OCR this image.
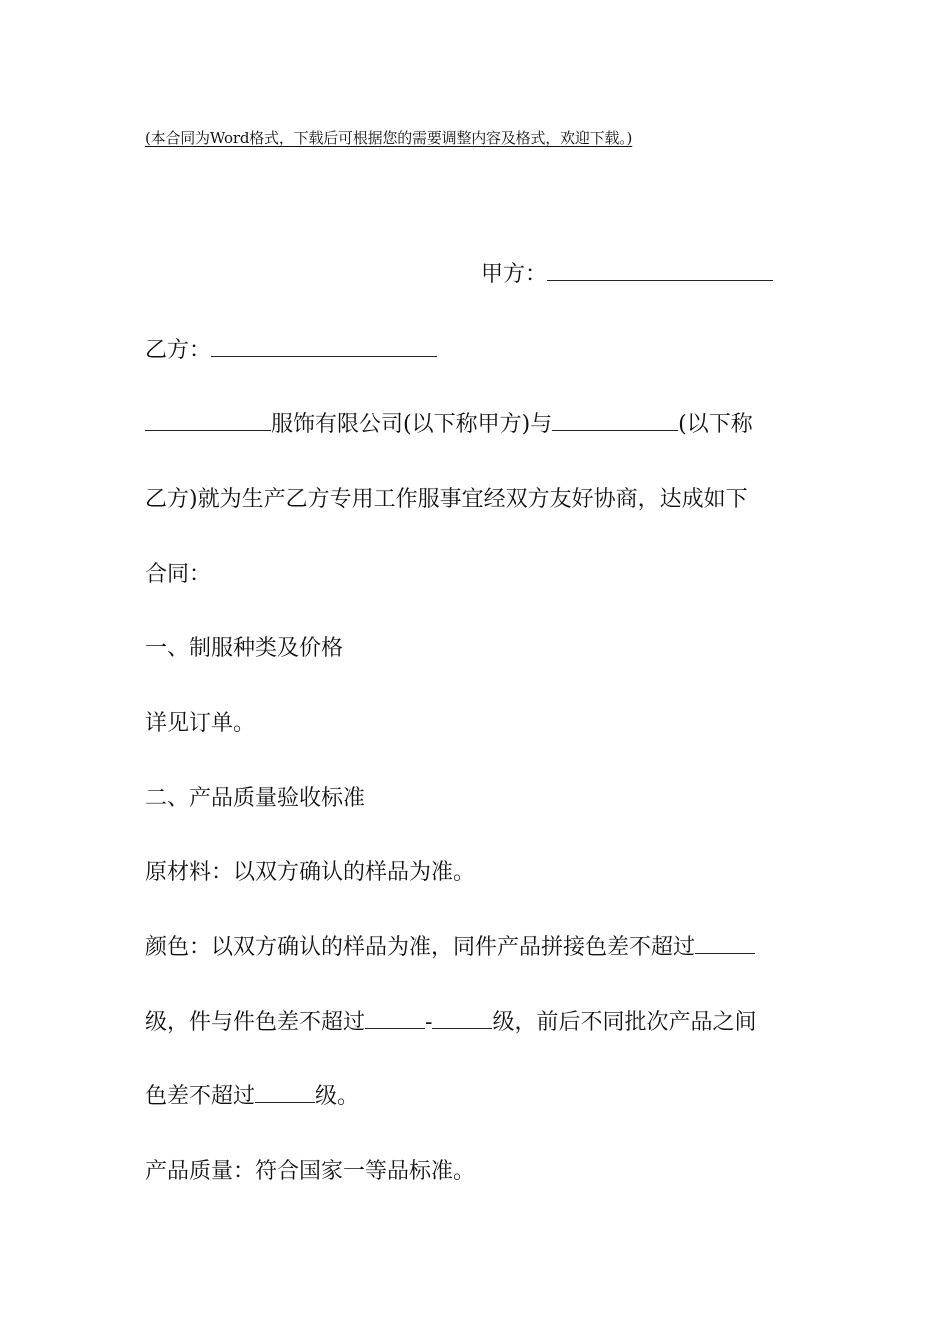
(本合同为Word格式，下载后可根据您的需要调整内容及格式，欢迎下载。)
甲方：
乙方：
服饰有限公司(以下称甲方)与	(以下称
乙方)就为生产乙方专用工作服事宜经双方友好协商，达成如下
合同：
一、制服种类及价格
详见订单。
二、产品质量验收标准
原材料：以双方确认的样品为准。
颜色：以双方确认的样品为准，同件产品拼接色差不超过
级，件与件色差不超过	-	级，前后不同批次产品之间
色差不超过	级。
产品质量：符合国家一等品标准。
